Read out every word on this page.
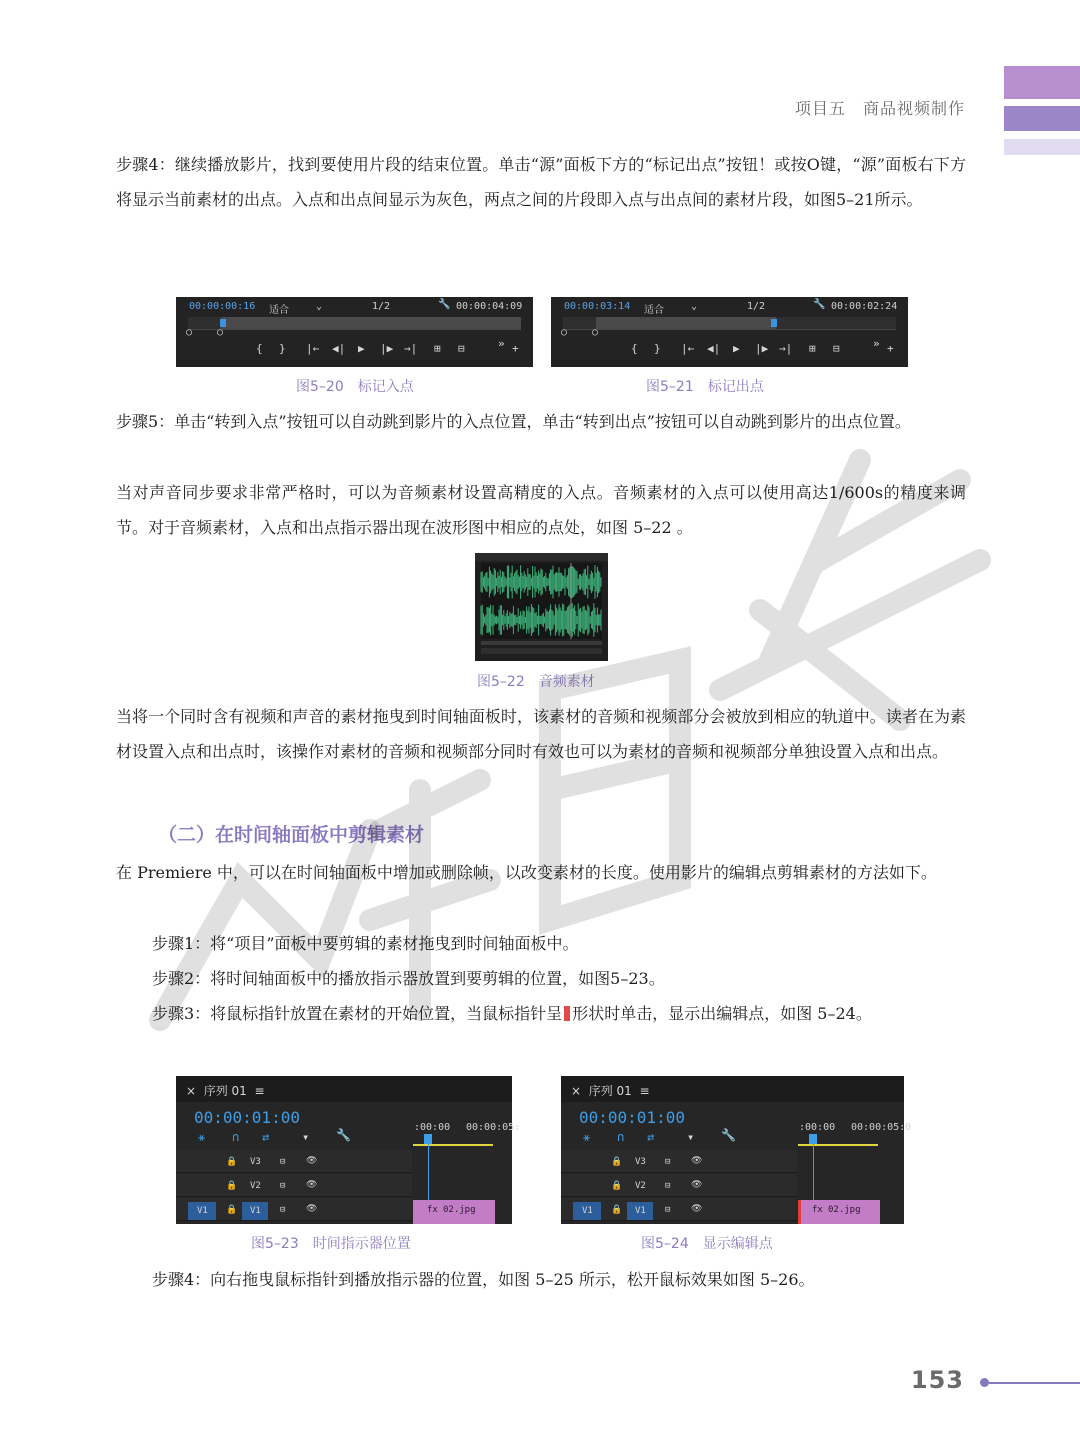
项目五　商品视频制作

步骤4：继续播放影片，找到要使用片段的结束位置。单击“源”面板下方的“标记出点”按钮！或按O键，“源”面板右下方将显示当前素材的出点。入点和出点间显示为灰色，两点之间的片段即入点与出点间的素材片段，如图5–21所示。

00:00:00:16 适合	⌄	1/2	🔧 00:00:04:09
○ ○
{ } |← ◀| ▶ |▶ →| ⊞ ⊟	» +
图5–20　标记入点
00:00:03:14 适合	⌄	1/2	🔧 00:00:02:24
○ ○
{ } |← ◀| ▶ |▶ →| ⊞ ⊟	» +
图5–21　标记出点

步骤5：单击“转到入点”按钮可以自动跳到影片的入点位置，单击“转到出点”按钮可以自动跳到影片的出点位置。

当对声音同步要求非常严格时，可以为音频素材设置高精度的入点。音频素材的入点可以使用高达1/600s的精度来调节。对于音频素材，入点和出点指示器出现在波形图中相应的点处，如图 5–22 。

图5–22　音频素材

当将一个同时含有视频和声音的素材拖曳到时间轴面板时，该素材的音频和视频部分会被放到相应的轨道中。读者在为素材设置入点和出点时，该操作对素材的音频和视频部分同时有效也可以为素材的音频和视频部分单独设置入点和出点。

（二）在时间轴面板中剪辑素材

在 Premiere 中，可以在时间轴面板中增加或删除帧，以改变素材的长度。使用影片的编辑点剪辑素材的方法如下。

步骤1：将“项目”面板中要剪辑的素材拖曳到时间轴面板中。

步骤2：将时间轴面板中的播放指示器放置到要剪辑的位置，如图5–23。

步骤3：将鼠标指针放置在素材的开始位置，当鼠标指针呈 形状时单击，显示出编辑点，如图 5–24。

× 序列 01 ≡
00:00:01:00
⚹ ∩ ⇄	▾ 🔧
:00:00 00:00:05:
V1
🔒
🔒
🔒
V3
V2
V1
⊟
⊟
⊟
👁
👁
👁	fx 02.jpg
图5–23　时间指示器位置
× 序列 01 ≡
00:00:01:00
⚹ ∩ ⇄	▾ 🔧
:00:00 00:00:05:0
V1
🔒
🔒
🔒
V3
V2
V1
⊟
⊟
⊟
👁
👁
👁	fx 02.jpg
图5–24　显示编辑点

步骤4：向右拖曳鼠标指针到播放指示器的位置，如图 5–25 所示，松开鼠标效果如图 5–26。

153
